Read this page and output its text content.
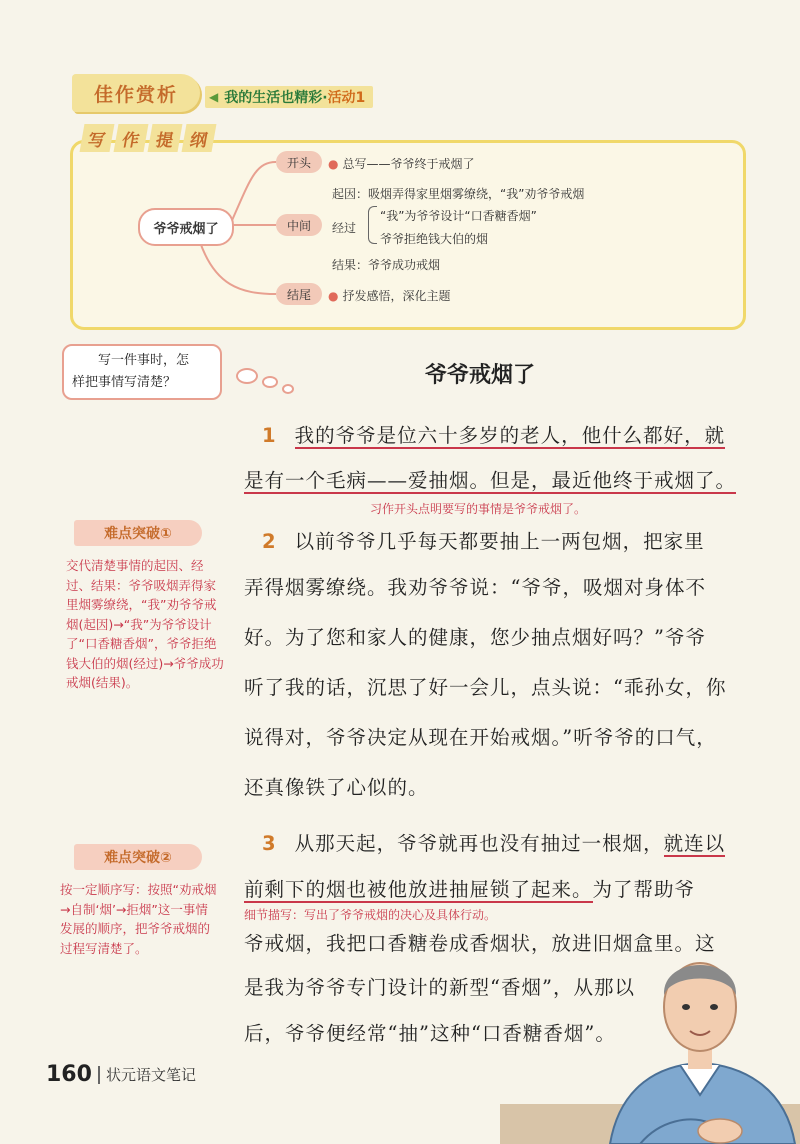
佳作赏析	◀ 我的生活也精彩· 活动1
写 作 提 纲
爷爷戒烟了
开头	● 总写——爷爷终于戒烟了
中间
起因：吸烟弄得家里烟雾缭绕，“我”劝爷爷戒烟
经过
“我”为爷爷设计“口香糖香烟”
爷爷拒绝钱大伯的烟
结果：爷爷成功戒烟
结尾	● 抒发感悟，深化主题
写一件事时，怎
样把事情写清楚？	爷爷戒烟了
1 我的爷爷是位六十多岁的老人，他什么都好，就
是有一个毛病——爱抽烟。但是，最近他终于戒烟了。
习作开头点明要写的事情是爷爷戒烟了。
2 以前爷爷几乎每天都要抽上一两包烟，把家里
弄得烟雾缭绕。我劝爷爷说：“爷爷，吸烟对身体不
好。为了您和家人的健康，您少抽点烟好吗？”爷爷
听了我的话，沉思了好一会儿，点头说：“乖孙女，你
说得对，爷爷决定从现在开始戒烟。”听爷爷的口气，
还真像铁了心似的。
3 从那天起，爷爷就再也没有抽过一根烟，就连以
前剩下的烟也被他放进抽屉锁了起来。为了帮助爷
细节描写：写出了爷爷戒烟的决心及具体行动。
爷戒烟，我把口香糖卷成香烟状，放进旧烟盒里。这
是我为爷爷专门设计的新型“香烟”，从那以
后，爷爷便经常“抽”这种“口香糖香烟”。
难点突破①
交代清楚事情的起因、经过、结果：爷爷吸烟弄得家里烟雾缭绕，“我”劝爷爷戒烟(起因)→“我”为爷爷设计了“口香糖香烟”，爷爷拒绝钱大伯的烟(经过)→爷爷成功戒烟(结果)。
难点突破②
按一定顺序写：按照“劝戒烟→自制‘烟’→拒烟”这一事情发展的顺序，把爷爷戒烟的过程写清楚了。
160 状元语文笔记
